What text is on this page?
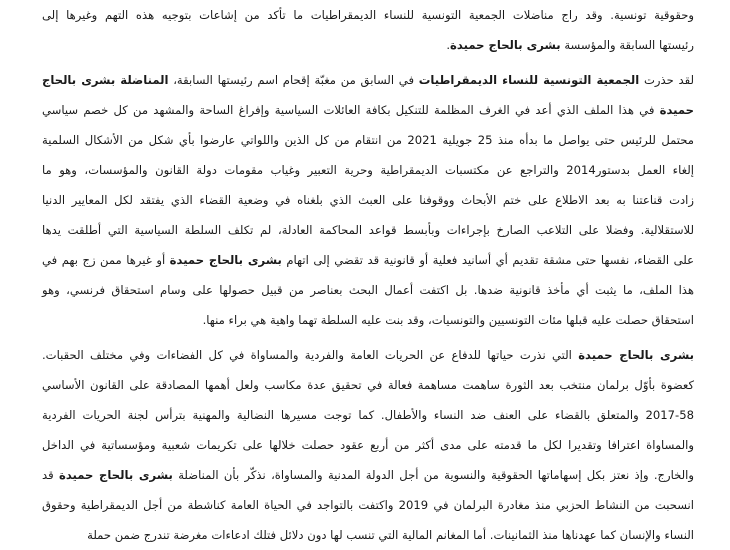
وحقوقية تونسية. وقد راج مناضلات الجمعية التونسية للنساء الديمقراطيات ما تأكد من إشاعات بتوجيه هذه التهم وغيرها إلى
رئيستها السابقة والمؤسسة بشرى بالحاج حميدة.
لقد حذرت الجمعية التونسية للنساء الديمقراطيات في السابق من مغبّة إقحام اسم رئيستها السابقة، المناضلة بشرى بالحاج
حميدة في هذا الملف الذي أعد في الغرف المظلمة للتنكيل بكافة العائلات السياسية وإفراغ الساحة والمشهد من كل خصم سياسي
محتمل للرئيس حتى يواصل ما بدأه منذ 25 جويلية 2021 من انتقام من كل الذين واللواتي عارضوا بأي شكل من الأشكال السلمية
إلغاء العمل بدستور2014 والتراجع عن مكتسبات الديمقراطية وحرية التعبير وغياب مقومات دولة القانون والمؤسسات، وهو ما
زادت قناعتنا به بعد الاطلاع على ختم الأبحاث ووقوفنا على العبث الذي بلغناه في وضعية القضاء الذي يفتقد لكل المعايير الدنيا
للاستقلالية. وفضلا على التلاعب الصارخ بإجراءات وبأبسط قواعد المحاكمة العادلة، لم تكلف السلطة السياسية التي أطلقت يدها
على القضاء، نفسها حتى مشقة تقديم أي أسانيد فعلية أو قانونية قد تقضي إلى اتهام بشرى بالحاج حميدة أو غيرها ممن زج بهم في
هذا الملف، ما يثبت أي مأخذ قانونية ضدها. بل اكتفت أعمال البحث بعناصر من قبيل حصولها على وسام استحقاق فرنسي، وهو
استحقاق حصلت عليه قبلها مئات التونسيين والتونسيات، وقد بنت عليه السلطة تهما واهية هي براء منها.
بشرى بالحاج حميدة التي نذرت حياتها للدفاع عن الحريات العامة والفردية والمساواة في كل الفضاءات وفي مختلف الحقبات.
كعضوة بأوّل برلمان منتخب بعد الثورة ساهمت مساهمة فعالة في تحقيق عدة مكاسب ولعل أهمها المصادقة على القانون الأساسي
2017-58 والمتعلق بالقضاء على العنف ضد النساء والأطفال. كما توجت مسيرها النضالية والمهنية بترأس لجنة الحريات الفردية
والمساواة اعترافا وتقديرا لكل ما قدمته على مدى أكثر من أربع عقود حصلت خلالها على تكريمات شعبية ومؤسساتية في الداخل
والخارج. وإذ نعتز بكل إسهاماتها الحقوقية والنسوية من أجل الدولة المدنية والمساواة، نذكّر بأن المناضلة بشرى بالحاج حميدة قد
انسحبت من النشاط الحزبي منذ مغادرة البرلمان في 2019 واكتفت بالتواجد في الحياة العامة كناشطة من أجل الديمقراطية وحقوق
النساء والإنسان كما عهدناها منذ الثمانينات. أما المغانم المالية التي تنسب لها دون دلائل فتلك ادعاءات مغرضة تندرج ضمن حملة
